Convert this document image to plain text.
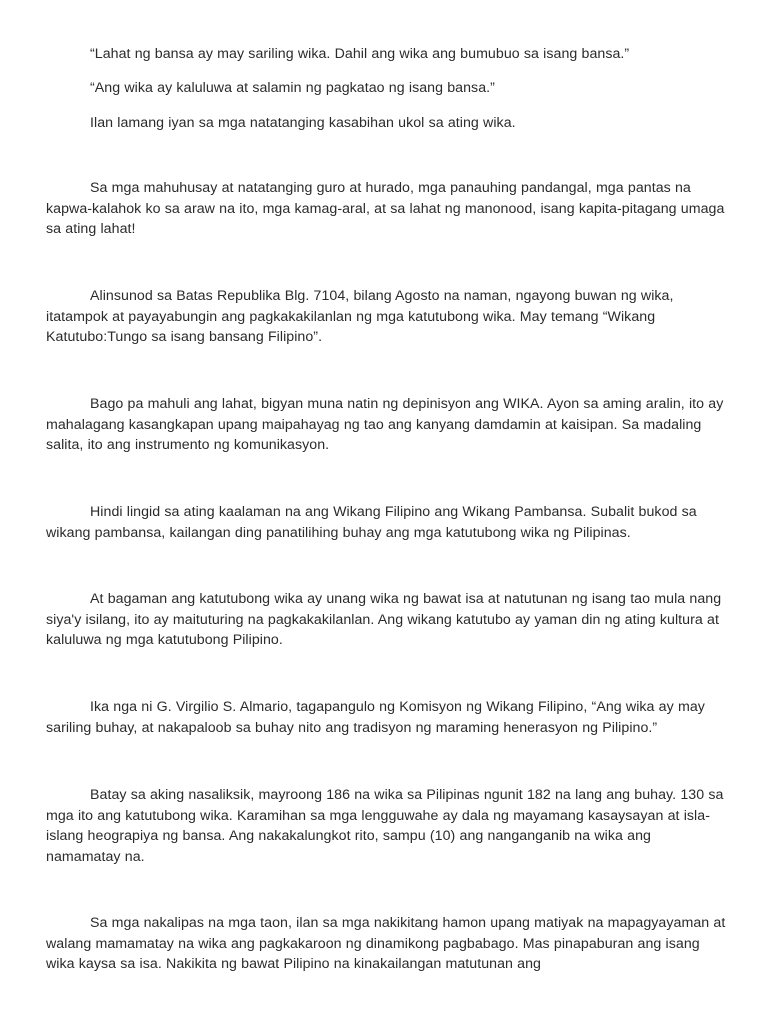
“Lahat ng bansa ay may sariling wika. Dahil ang wika ang bumubuo sa isang bansa.”

“Ang wika ay kaluluwa at salamin ng pagkatao ng isang bansa.”

Ilan lamang iyan sa mga natatanging kasabihan ukol sa ating wika.

Sa mga mahuhusay at natatanging guro at hurado, mga panauhing pandangal, mga pantas na kapwa-kalahok ko sa araw na ito, mga kamag-aral, at sa lahat ng manonood, isang kapita-pitagang umaga sa ating lahat!

Alinsunod sa Batas Republika Blg. 7104, bilang Agosto na naman, ngayong buwan ng wika, itatampok at payayabungin ang pagkakakilanlan ng mga katutubong wika. May temang “Wikang Katutubo:Tungo sa isang bansang Filipino”.

Bago pa mahuli ang lahat, bigyan muna natin ng depinisyon ang WIKA. Ayon sa aming aralin, ito ay mahalagang kasangkapan upang maipahayag ng tao ang kanyang damdamin at kaisipan. Sa madaling salita, ito ang instrumento ng komunikasyon.

Hindi lingid sa ating kaalaman na ang Wikang Filipino ang Wikang Pambansa. Subalit bukod sa wikang pambansa, kailangan ding panatilihing buhay ang mga katutubong wika ng Pilipinas.

At bagaman ang katutubong wika ay unang wika ng bawat isa at natutunan ng isang tao mula nang siya'y isilang, ito ay maituturing na pagkakakilanlan. Ang wikang katutubo ay yaman din ng ating kultura at kaluluwa ng mga katutubong Pilipino.

Ika nga ni G. Virgilio S. Almario, tagapangulo ng Komisyon ng Wikang Filipino, “Ang wika ay may sariling buhay, at nakapaloob sa buhay nito ang tradisyon ng maraming henerasyon ng Pilipino.”

Batay sa aking nasaliksik, mayroong 186 na wika sa Pilipinas ngunit 182 na lang ang buhay. 130 sa mga ito ang katutubong wika. Karamihan sa mga lengguwahe ay dala ng mayamang kasaysayan at isla-islang heograpiya ng bansa. Ang nakakalungkot rito, sampu (10) ang nanganganib na wika ang namamatay na.

Sa mga nakalipas na mga taon, ilan sa mga nakikitang hamon upang matiyak na mapagyayaman at walang mamamatay na wika ang pagkakaroon ng dinamikong pagbabago. Mas pinapaburan ang isang wika kaysa sa isa. Nakikita ng bawat Pilipino na kinakailangan matutunan ang
